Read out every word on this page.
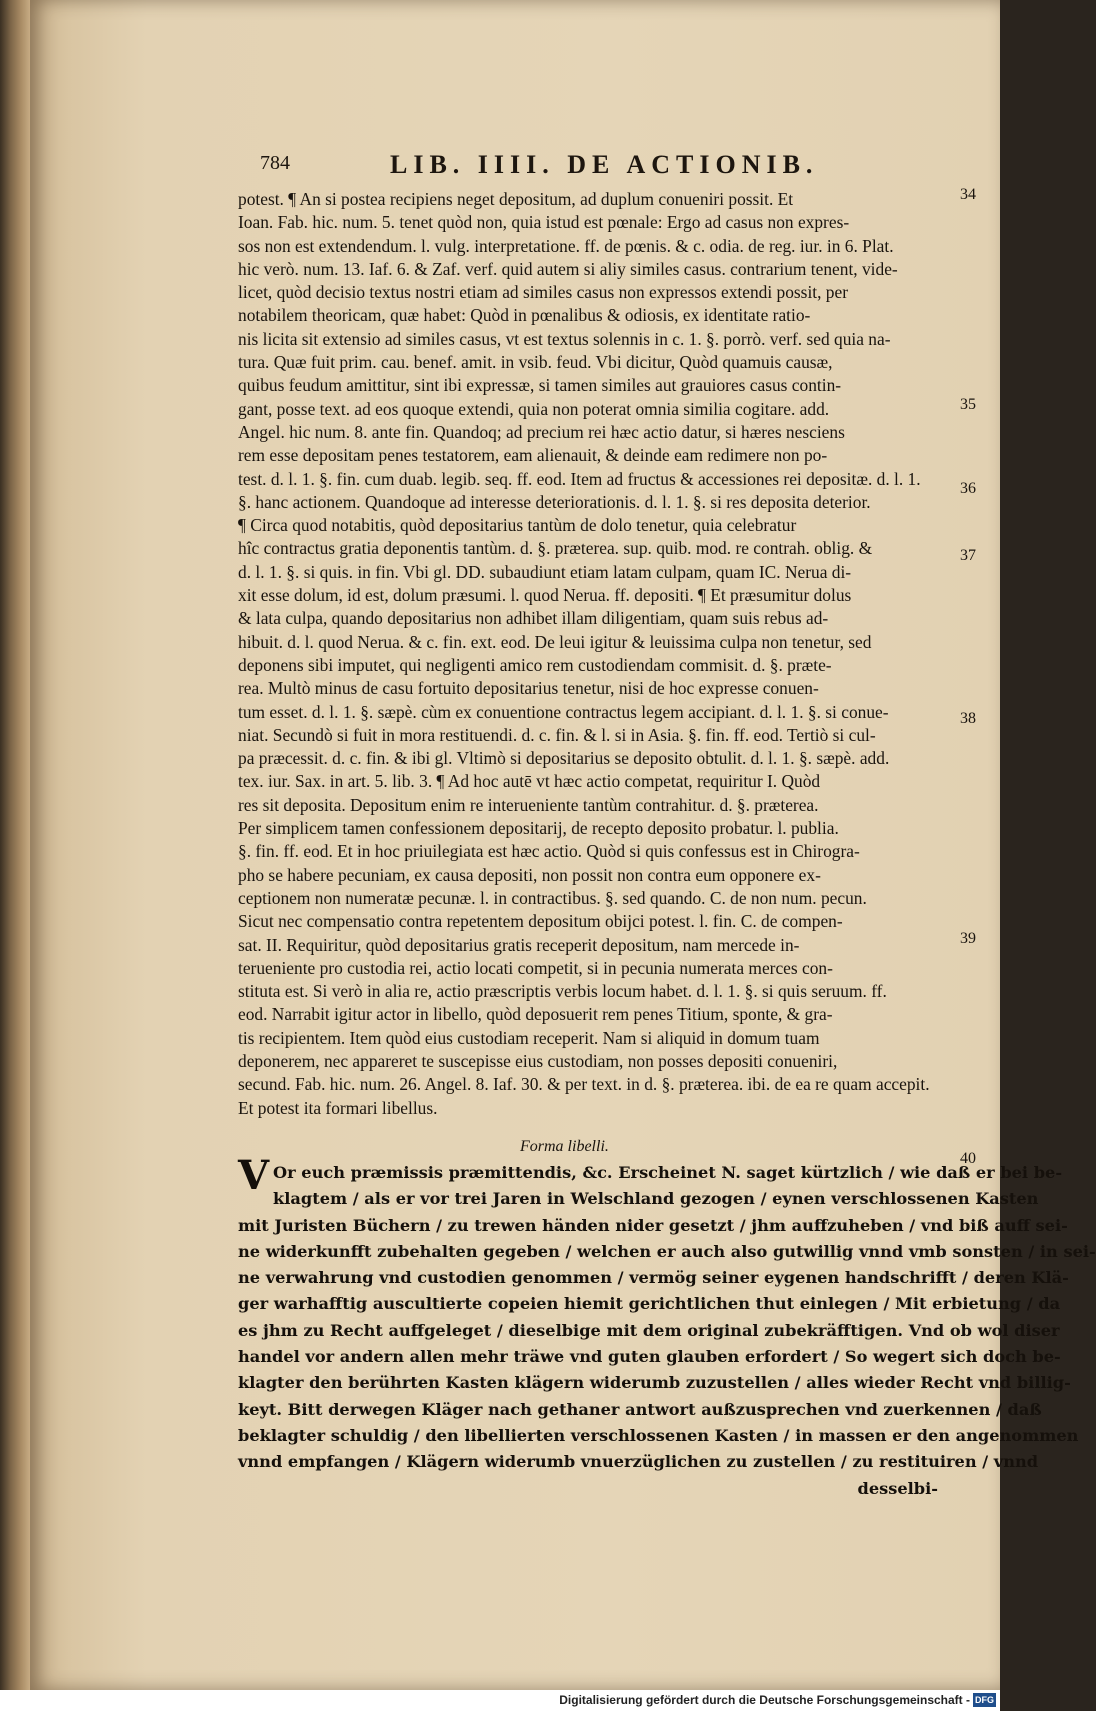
784	LIB. IIII. DE ACTIONIB.
potest. ¶ An si postea recipiens neget depositum, ad duplum conueniri possit. Et
Ioan. Fab. hic. num. 5. tenet quòd non, quia istud est pœnale: Ergo ad casus non expres-
sos non est extendendum. l. vulg. interpretatione. ff. de pœnis. & c. odia. de reg. iur. in 6. Plat.
hic verò. num. 13. Iaf. 6. & Zaf. verf. quid autem si aliy similes casus. contrarium tenent, vide-
licet, quòd decisio textus nostri etiam ad similes casus non expressos extendi possit, per
notabilem theoricam, quæ habet: Quòd in pœnalibus & odiosis, ex identitate ratio-
nis licita sit extensio ad similes casus, vt est textus solennis in c. 1. §. porrò. verf. sed quia na-
tura. Quæ fuit prim. cau. benef. amit. in vsib. feud. Vbi dicitur, Quòd quamuis causæ,
quibus feudum amittitur, sint ibi expressæ, si tamen similes aut grauiores casus contin-
gant, posse text. ad eos quoque extendi, quia non poterat omnia similia cogitare. add.
Angel. hic num. 8. ante fin. Quandoq; ad precium rei hæc actio datur, si hæres nesciens
rem esse depositam penes testatorem, eam alienauit, & deinde eam redimere non po-
test. d. l. 1. §. fin. cum duab. legib. seq. ff. eod. Item ad fructus & accessiones rei depositæ. d. l. 1.
§. hanc actionem. Quandoque ad interesse deteriorationis. d. l. 1. §. si res deposita deterior.
¶ Circa quod notabitis, quòd depositarius tantùm de dolo tenetur, quia celebratur
hîc contractus gratia deponentis tantùm. d. §. præterea. sup. quib. mod. re contrah. oblig. &
d. l. 1. §. si quis. in fin. Vbi gl. DD. subaudiunt etiam latam culpam, quam IC. Nerua di-
xit esse dolum, id est, dolum præsumi. l. quod Nerua. ff. depositi. ¶ Et præsumitur dolus
& lata culpa, quando depositarius non adhibet illam diligentiam, quam suis rebus ad-
hibuit. d. l. quod Nerua. & c. fin. ext. eod. De leui igitur & leuissima culpa non tenetur, sed
deponens sibi imputet, qui negligenti amico rem custodiendam commisit. d. §. præte-
rea. Multò minus de casu fortuito depositarius tenetur, nisi de hoc expresse conuen-
tum esset. d. l. 1. §. sæpè. cùm ex conuentione contractus legem accipiant. d. l. 1. §. si conue-
niat. Secundò si fuit in mora restituendi. d. c. fin. & l. si in Asia. §. fin. ff. eod. Tertiò si cul-
pa præcessit. d. c. fin. & ibi gl. Vltimò si depositarius se deposito obtulit. d. l. 1. §. sæpè. add.
tex. iur. Sax. in art. 5. lib. 3. ¶ Ad hoc autē vt hæc actio competat, requiritur I. Quòd
res sit deposita. Depositum enim re interueniente tantùm contrahitur. d. §. præterea.
Per simplicem tamen confessionem depositarij, de recepto deposito probatur. l. publia.
§. fin. ff. eod. Et in hoc priuilegiata est hæc actio. Quòd si quis confessus est in Chirogra-
pho se habere pecuniam, ex causa depositi, non possit non contra eum opponere ex-
ceptionem non numeratæ pecunæ. l. in contractibus. §. sed quando. C. de non num. pecun.
Sicut nec compensatio contra repetentem depositum obijci potest. l. fin. C. de compen-
sat. II. Requiritur, quòd depositarius gratis receperit depositum, nam mercede in-
terueniente pro custodia rei, actio locati competit, si in pecunia numerata merces con-
stituta est. Si verò in alia re, actio præscriptis verbis locum habet. d. l. 1. §. si quis seruum. ff.
eod. Narrabit igitur actor in libello, quòd deposuerit rem penes Titium, sponte, & gra-
tis recipientem. Item quòd eius custodiam receperit. Nam si aliquid in domum tuam
deponerem, nec appareret te suscepisse eius custodiam, non posses depositi conueniri,
secund. Fab. hic. num. 26. Angel. 8. Iaf. 30. & per text. in d. §. præterea. ibi. de ea re quam accepit.
Et potest ita formari libellus.
34
35
36
37
38
39
40
Forma libelli.
V Or euch præmissis præmittendis, &c. Erscheinet N. saget kürtzlich / wie daß er bei be-
klagtem / als er vor trei Jaren in Welschland gezogen / eynen verschlossenen Kasten
mit Juristen Büchern / zu trewen händen nider gesetzt / jhm auffzuheben / vnd biß auff sei-
ne widerkunfft zubehalten gegeben / welchen er auch also gutwillig vnnd vmb sonsten / in sei-
ne verwahrung vnd custodien genommen / vermög seiner eygenen handschrifft / deren Klä-
ger warhafftig auscultierte copeien hiemit gerichtlichen thut einlegen / Mit erbietung / da
es jhm zu Recht auffgeleget / dieselbige mit dem original zubekräfftigen. Vnd ob wol diser
handel vor andern allen mehr träwe vnd guten glauben erfordert / So wegert sich doch be-
klagter den berührten Kasten klägern widerumb zuzustellen / alles wieder Recht vnd billig-
keyt. Bitt derwegen Kläger nach gethaner antwort außzusprechen vnd zuerkennen / daß
beklagter schuldig / den libellierten verschlossenen Kasten / in massen er den angenommen
vnnd empfangen / Klägern widerumb vnuerzüglichen zu zustellen / zu restituiren / vnnd
desselbi-
Digitalisierung gefördert durch die Deutsche Forschungsgemeinschaft - DFG
